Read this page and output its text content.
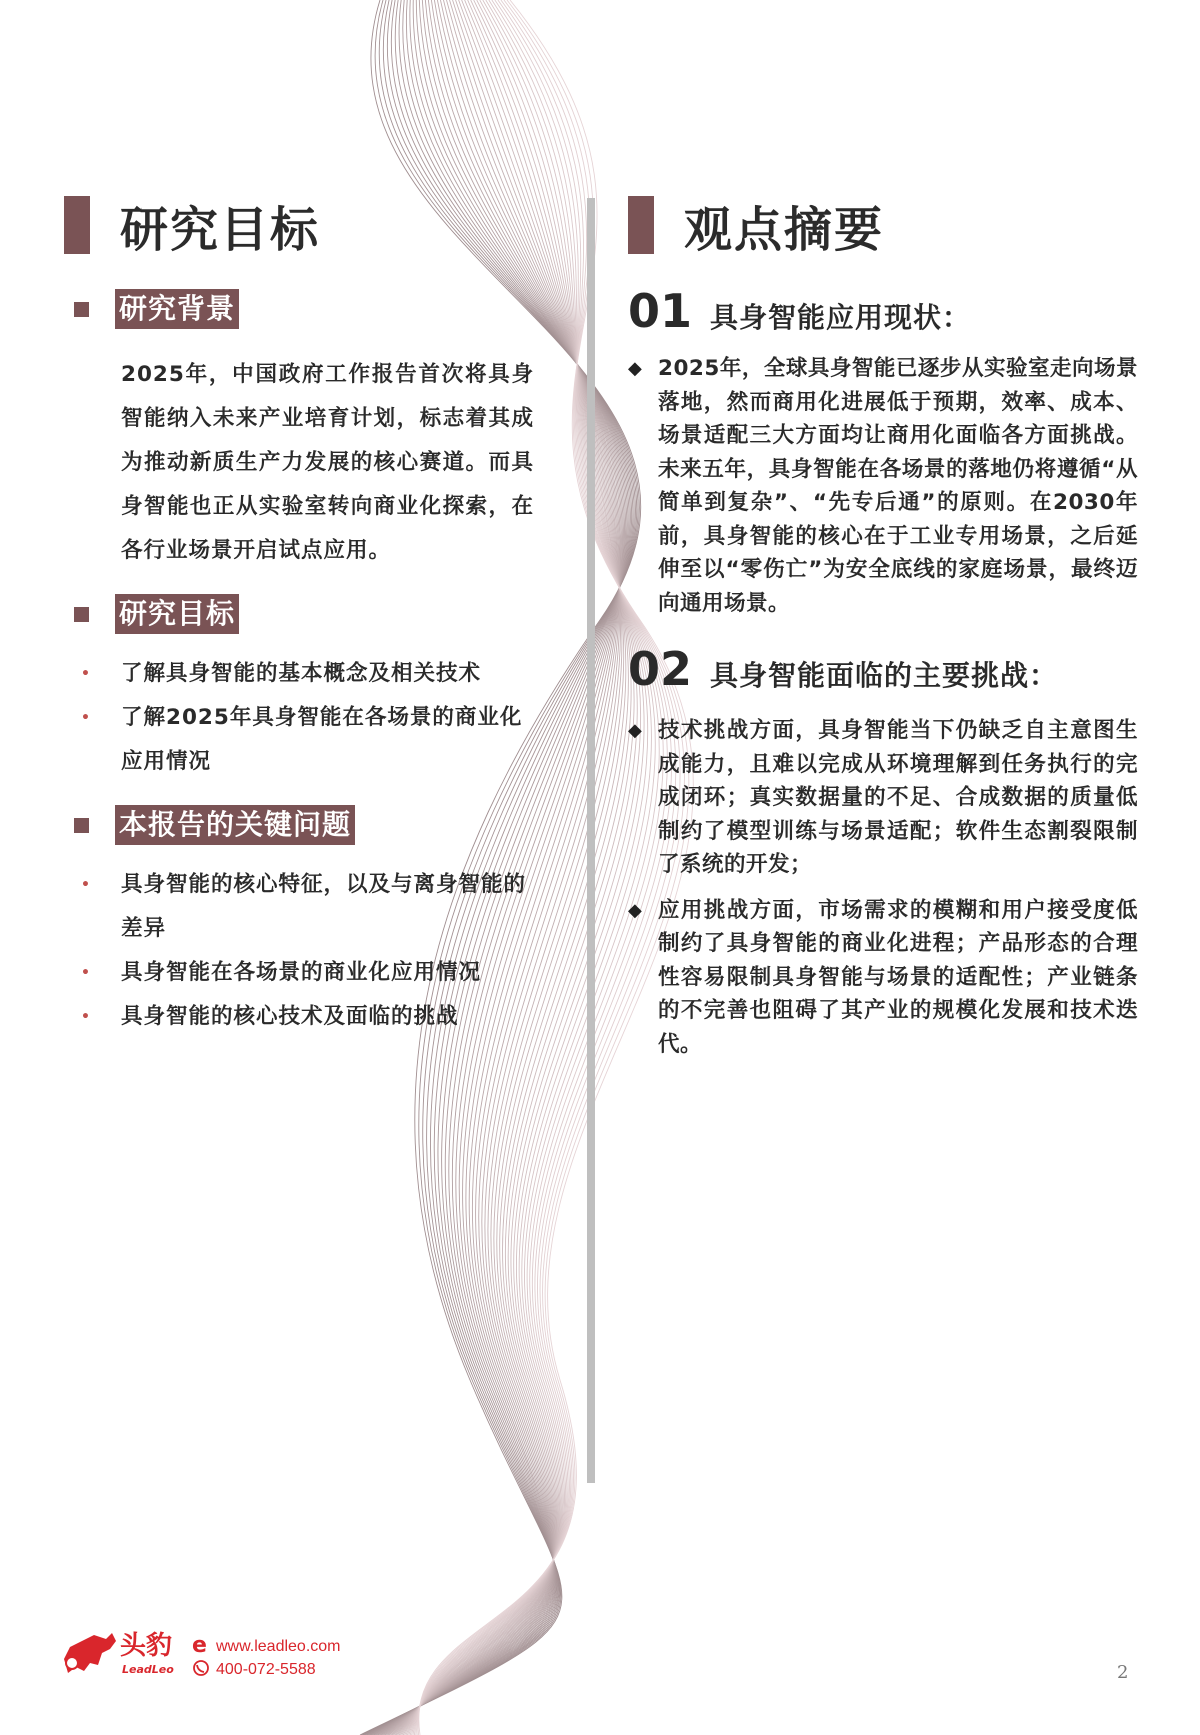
研究目标
研究背景
2025年，中国政府工作报告首次将具身智能纳入未来产业培育计划，标志着其成为推动新质生产力发展的核心赛道。而具身智能也正从实验室转向商业化探索，在各行业场景开启试点应用。
研究目标
• 了解具身智能的基本概念及相关技术
• 了解2025年具身智能在各场景的商业化应用情况
本报告的关键问题
• 具身智能的核心特征，以及与离身智能的差异
• 具身智能在各场景的商业化应用情况
• 具身智能的核心技术及面临的挑战
观点摘要
01 具身智能应用现状：
◆ 2025年，全球具身智能已逐步从实验室走向场景落地，然而商用化进展低于预期，效率、成本、场景适配三大方面均让商用化面临各方面挑战。未来五年，具身智能在各场景的落地仍将遵循“从简单到复杂”、“先专后通”的原则。在2030年前，具身智能的核心在于工业专用场景，之后延伸至以“零伤亡”为安全底线的家庭场景，最终迈向通用场景。
02 具身智能面临的主要挑战：
◆ 技术挑战方面，具身智能当下仍缺乏自主意图生成能力，且难以完成从环境理解到任务执行的完成闭环；真实数据量的不足、合成数据的质量低制约了模型训练与场景适配；软件生态割裂限制了系统的开发；
◆ 应用挑战方面，市场需求的模糊和用户接受度低制约了具身智能的商业化进程；产品形态的合理性容易限制具身智能与场景的适配性；产业链条的不完善也阻碍了其产业的规模化发展和技术迭代。
头豹
LeadLeo
e www.leadleo.com
400-072-5588	2
